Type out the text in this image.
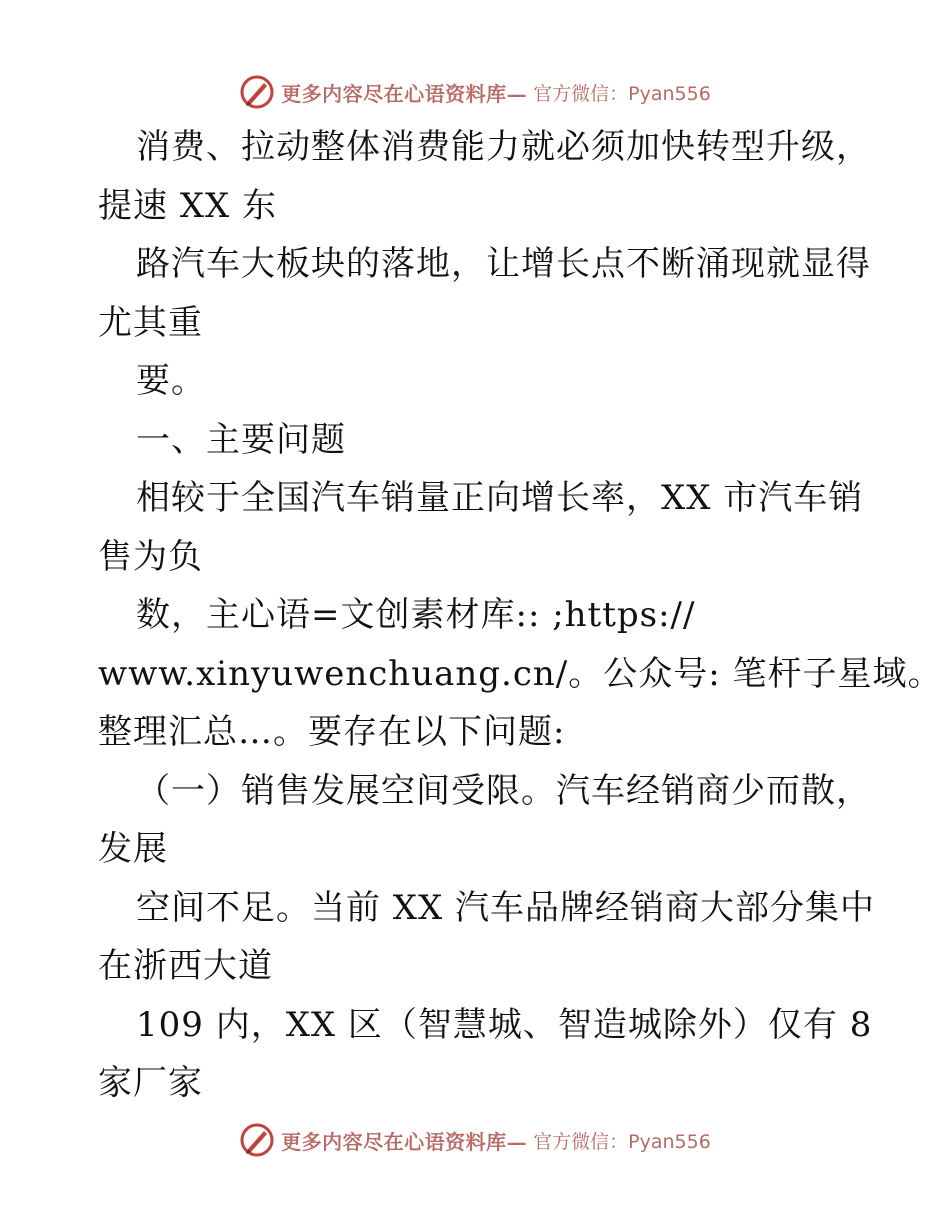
更多内容尽在心语资料库— 官方微信：Pyan556
消费、拉动整体消费能力就必须加快转型升级，
提速 XX 东
路汽车大板块的落地，让增长点不断涌现就显得
尤其重
要。
一、主要问题
相较于全国汽车销量正向增长率，XX 市汽车销
售为负
数，主心语=文创素材库:: ;https://
www.xinyuwenchuang.cn/。公众号: 笔杆子星域。
整理汇总…。要存在以下问题:
（一）销售发展空间受限。汽车经销商少而散，
发展
空间不足。当前 XX 汽车品牌经销商大部分集中
在浙西大道
109 内，XX 区（智慧城、智造城除外）仅有 8
家厂家
更多内容尽在心语资料库— 官方微信：Pyan556
